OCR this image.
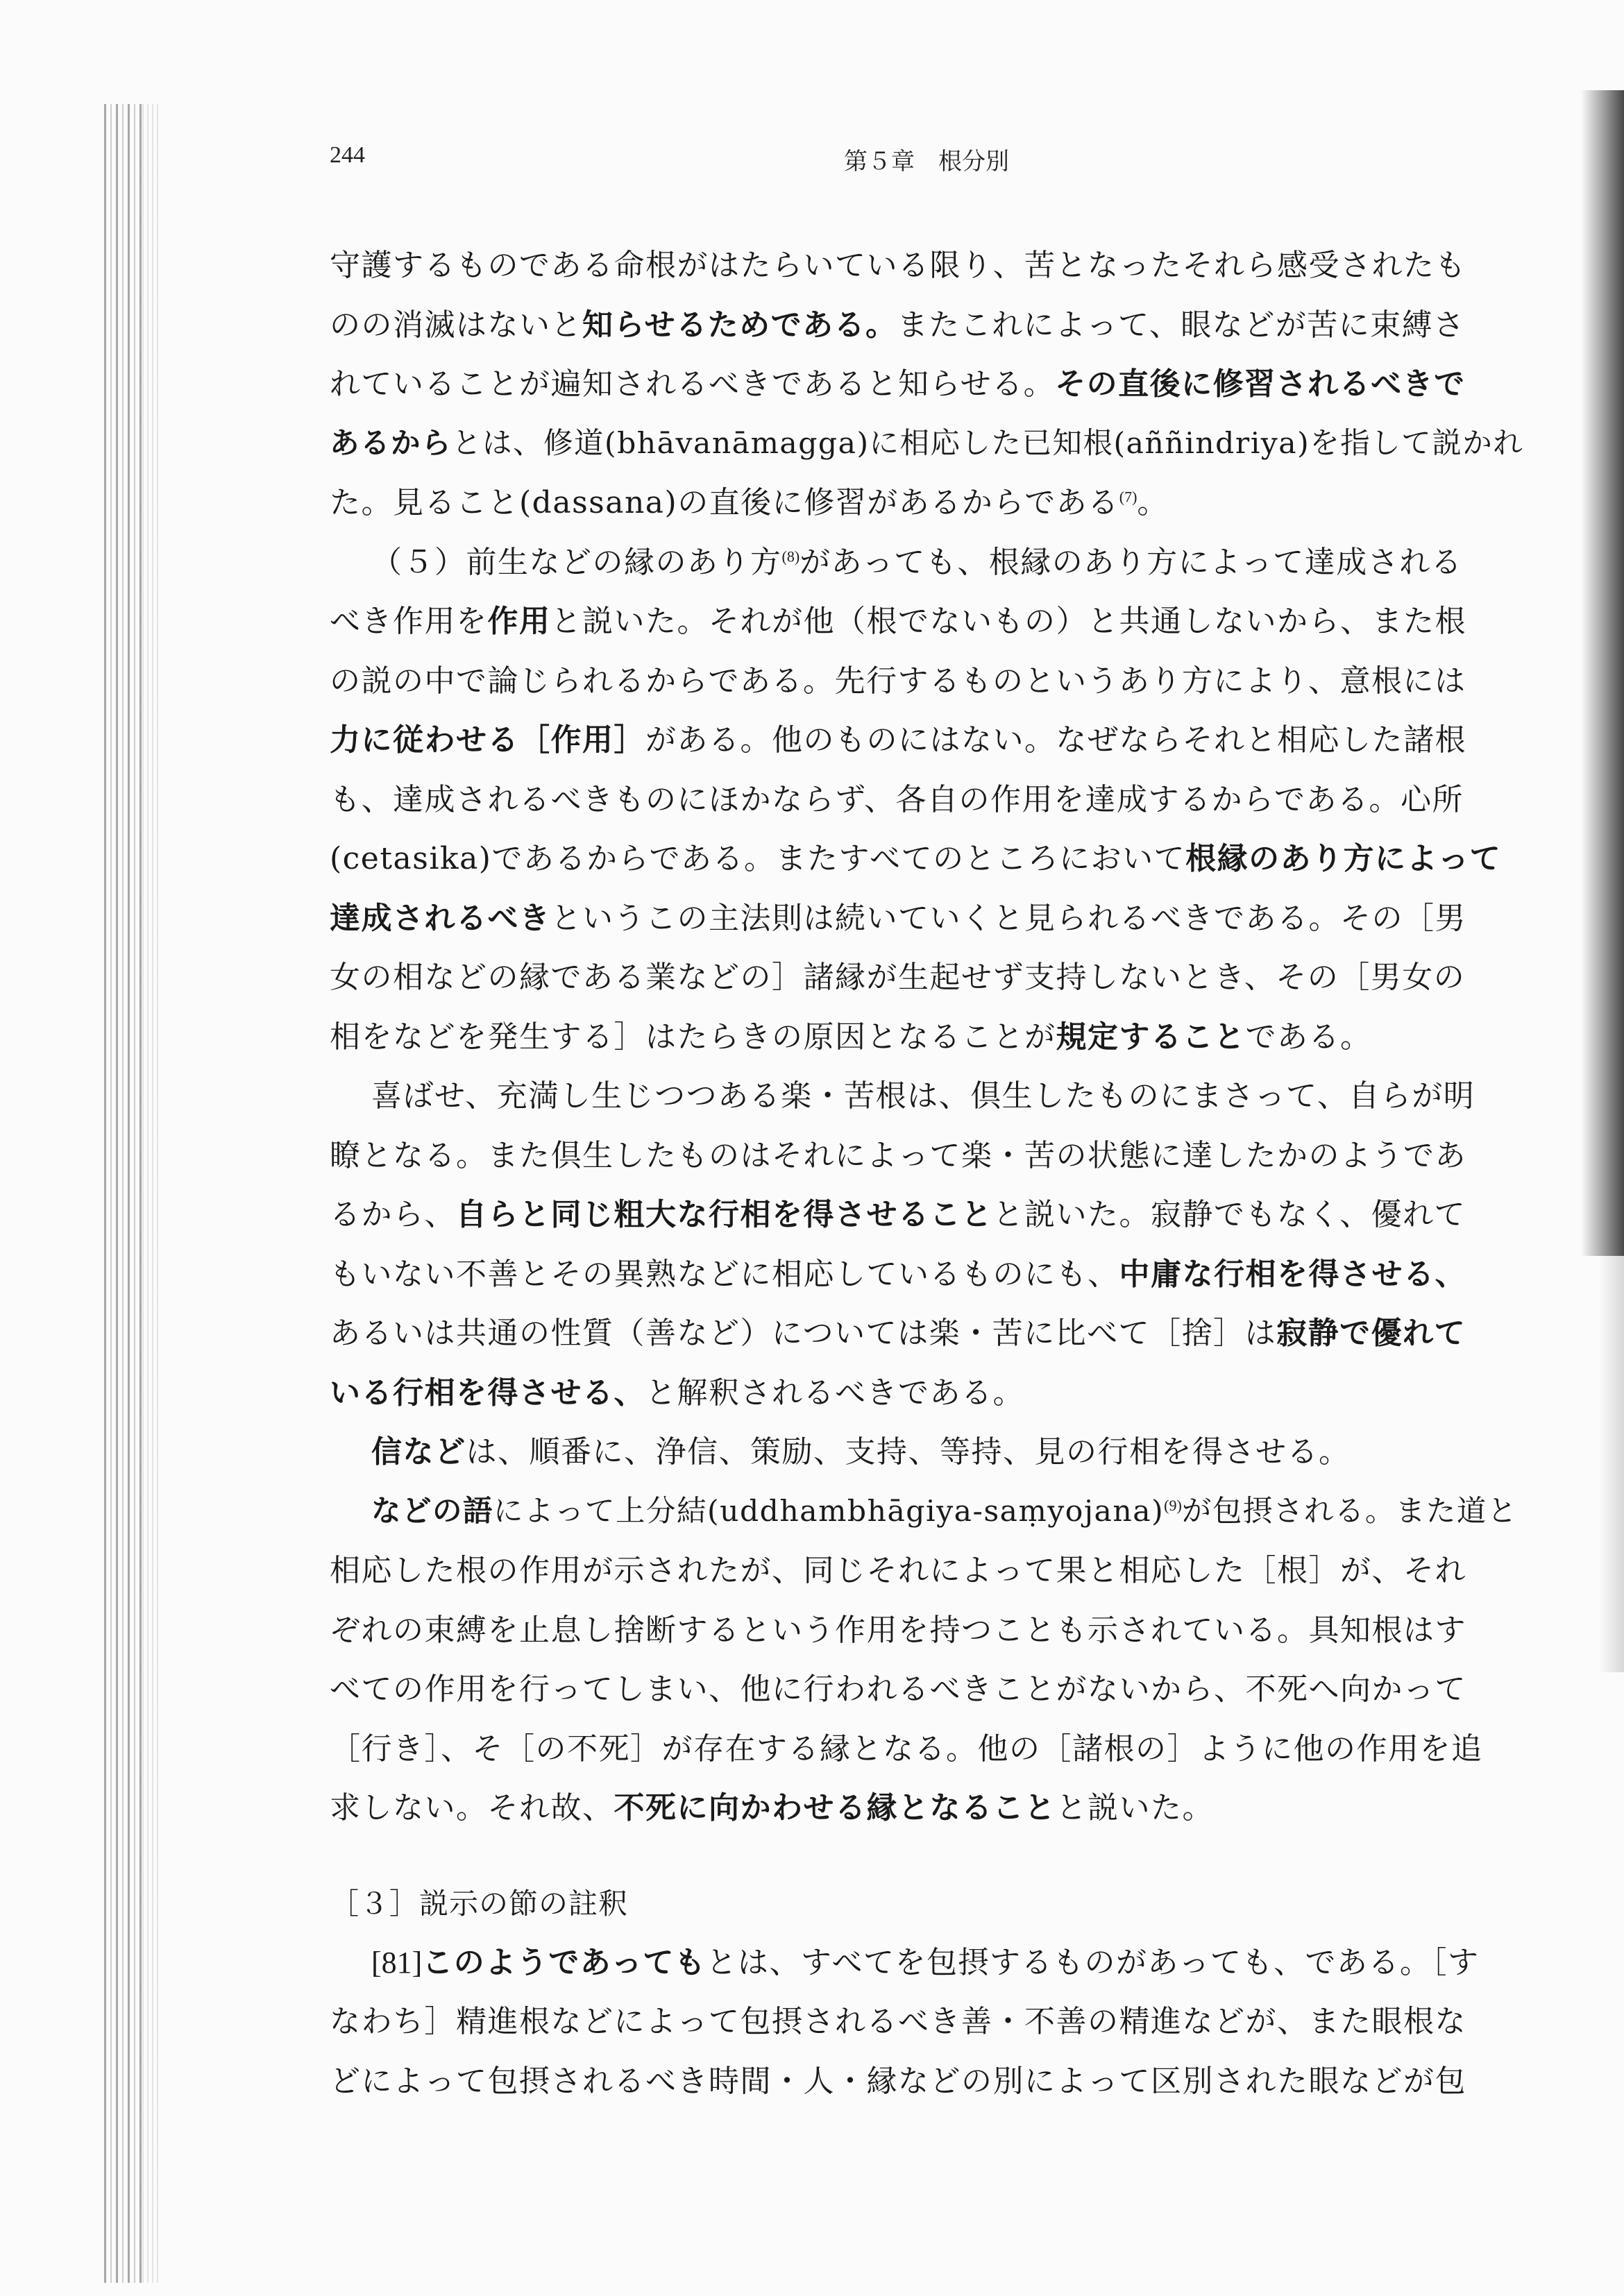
244	第５章　根分別

守護するものである命根がはたらいている限り、苦となったそれら感受されたも
のの消滅はないと知らせるためである。またこれによって、眼などが苦に束縛さ
れていることが遍知されるべきであると知らせる。その直後に修習されるべきで
あるからとは、修道(bhāvanāmagga)に相応した已知根(aññindriya)を指して説かれ
た。見ること(dassana)の直後に修習があるからである$^{(7)}$。

（５）前生などの縁のあり方$^{(8)}$があっても、根縁のあり方によって達成される
べき作用を作用と説いた。それが他（根でないもの）と共通しないから、また根
の説の中で論じられるからである。先行するものというあり方により、意根には
力に従わせる［作用］がある。他のものにはない。なぜならそれと相応した諸根
も、達成されるべきものにほかならず、各自の作用を達成するからである。心所
(cetasika)であるからである。またすべてのところにおいて根縁のあり方によって
達成されるべきというこの主法則は続いていくと見られるべきである。その［男
女の相などの縁である業などの］諸縁が生起せず支持しないとき、その［男女の
相をなどを発生する］はたらきの原因となることが規定することである。

喜ばせ、充満し生じつつある楽・苦根は、倶生したものにまさって、自らが明
瞭となる。また倶生したものはそれによって楽・苦の状態に達したかのようであ
るから、自らと同じ粗大な行相を得させることと説いた。寂静でもなく、優れて
もいない不善とその異熟などに相応しているものにも、中庸な行相を得させる、
あるいは共通の性質（善など）については楽・苦に比べて［捨］は寂静で優れて
いる行相を得させる、と解釈されるべきである。

信などは、順番に、浄信、策励、支持、等持、見の行相を得させる。

などの語によって上分結(uddhambhāgiya-saṃyojana)$^{(9)}$が包摂される。また道と
相応した根の作用が示されたが、同じそれによって果と相応した［根］が、それ
ぞれの束縛を止息し捨断するという作用を持つことも示されている。具知根はす
べての作用を行ってしまい、他に行われるべきことがないから、不死へ向かって
［行き］、そ［の不死］が存在する縁となる。他の［諸根の］ように他の作用を追
求しない。それ故、不死に向かわせる縁となることと説いた。

［３］説示の節の註釈

[81]このようであってもとは、すべてを包摂するものがあっても、である。［す
なわち］精進根などによって包摂されるべき善・不善の精進などが、また眼根な
どによって包摂されるべき時間・人・縁などの別によって区別された眼などが包
